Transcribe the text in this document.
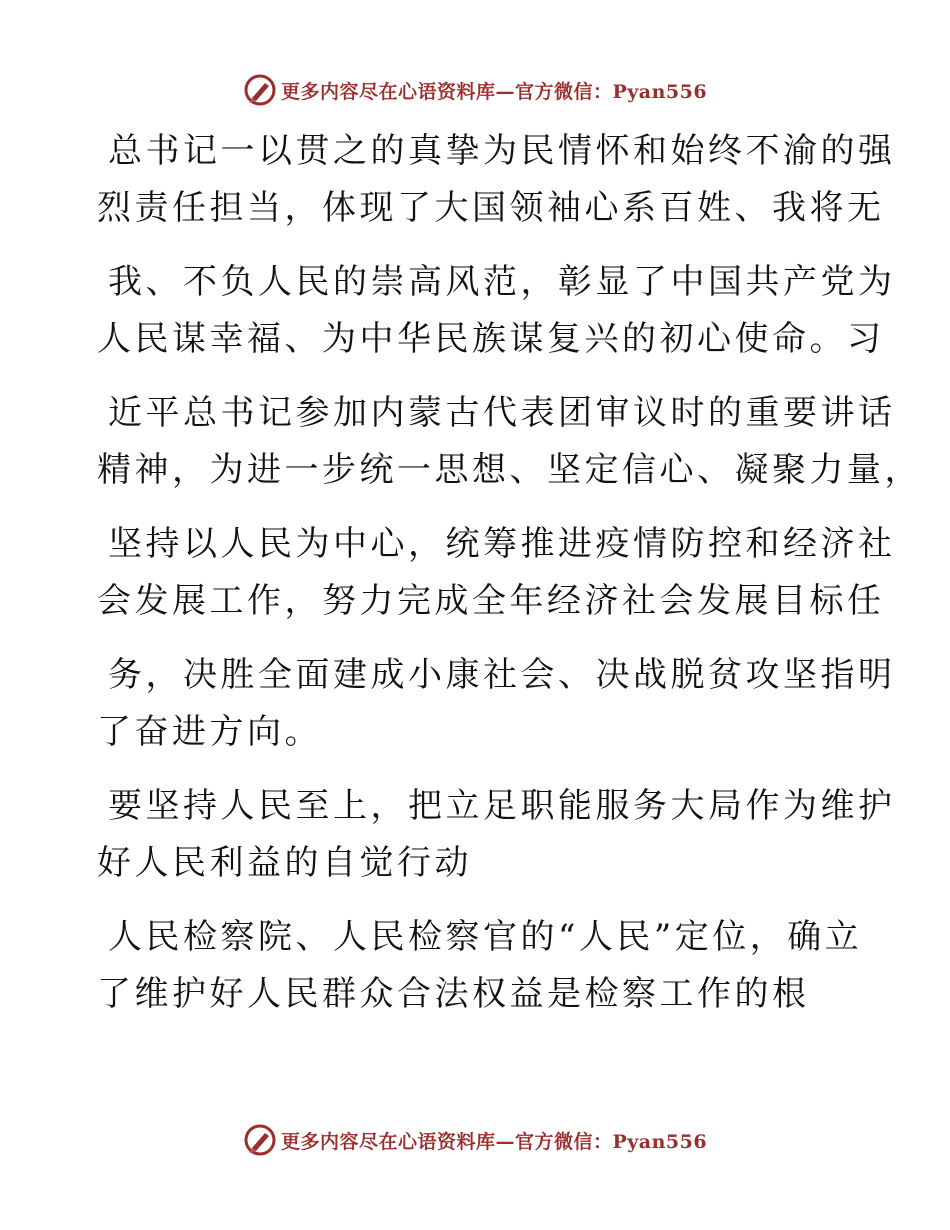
更多内容尽在心语资料库—官方微信：Pyan556
总书记一以贯之的真挚为民情怀和始终不渝的强
烈责任担当，体现了大国领袖心系百姓、我将无
我、不负人民的崇高风范，彰显了中国共产党为
人民谋幸福、为中华民族谋复兴的初心使命。习
近平总书记参加内蒙古代表团审议时的重要讲话
精神，为进一步统一思想、坚定信心、凝聚力量，
坚持以人民为中心，统筹推进疫情防控和经济社
会发展工作，努力完成全年经济社会发展目标任
务，决胜全面建成小康社会、决战脱贫攻坚指明
了奋进方向。
要坚持人民至上，把立足职能服务大局作为维护
好人民利益的自觉行动
人民检察院、人民检察官的“人民”定位，确立
了维护好人民群众合法权益是检察工作的根
更多内容尽在心语资料库—官方微信：Pyan556
